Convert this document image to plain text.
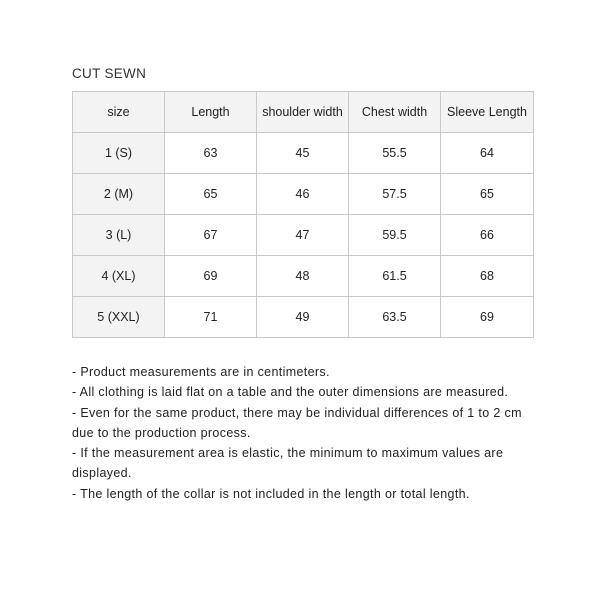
CUT SEWN
size	Length	shoulder width	Chest width	Sleeve Length
1 (S)	63	45	55.5	64
2 (M)	65	46	57.5	65
3 (L)	67	47	59.5	66
4 (XL)	69	48	61.5	68
5 (XXL)	71	49	63.5	69

- Product measurements are in centimeters.

- All clothing is laid flat on a table and the outer dimensions are measured.

- Even for the same product, there may be individual differences of 1 to 2 cm due to the production process.

- If the measurement area is elastic, the minimum to maximum values are displayed.

- The length of the collar is not included in the length or total length.
